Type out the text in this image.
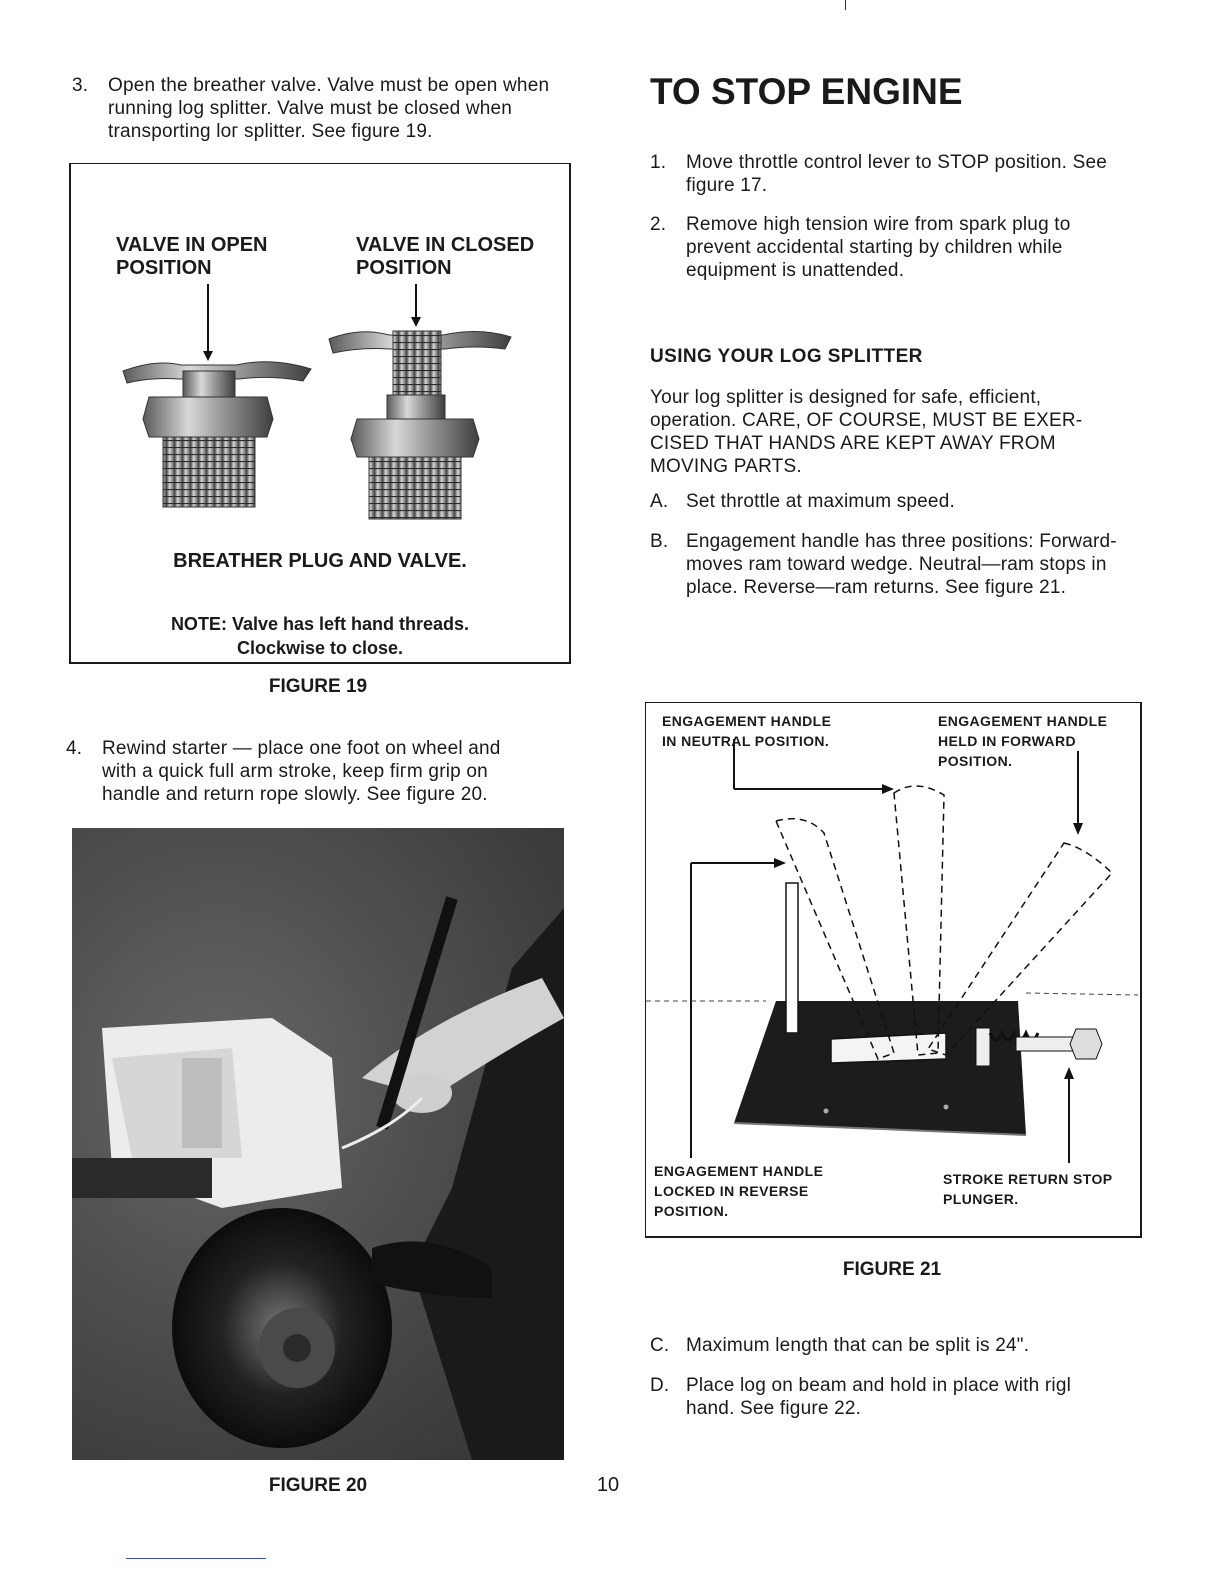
3. Open the breather valve. Valve must be open when
running log splitter. Valve must be closed when
transporting loг splitter. See figure 19.
VALVE IN OPEN
POSITION
VALVE IN CLOSED
POSITION
BREATHER PLUG AND VALVE.
NOTE: Valve has left hand threads.
Clockwise to close.
FIGURE 19
4. Rewind starter — place one foot on wheel and
with a quick full arm stroke, keep fiгm grip on
handle and return rope slowly. See figure 20.
FIGURE 20	10
TO STOP ENGINE
1. Move throttle control lever to STOP position. See
figure 17.
2. Remove high tension wire from spark plug to
prevent accidental starting by children while
equipment is unattended.
USING YOUR LOG SPLITTER
Your log splitter is designed for safe, efficient,
operation. CARE, OF COURSE, MUST BE EXER-
CISED THAT HANDS ARE KEPT AWAY FROM
MOVING PARTS.
A. Set throttle at maximum speed.
B. Engagement handle has three positions: Forward-
moves ram toward wedge. Neutral—ram stops in
place. Reverse—ram returns. See figure 21.
ENGAGEMENT HANDLE
IN NEUTRAL POSITION.
ENGAGEMENT HANDLE
HELD IN FORWARD
POSITION.
ENGAGEMENT HANDLE
LOCKED IN REVERSE
POSITION.
STROKE RETURN STOP
PLUNGER.
FIGURE 21
C. Maximum length that can be split is 24".
D. Place log on beam and hold in place with rigl
hand. See figure 22.
